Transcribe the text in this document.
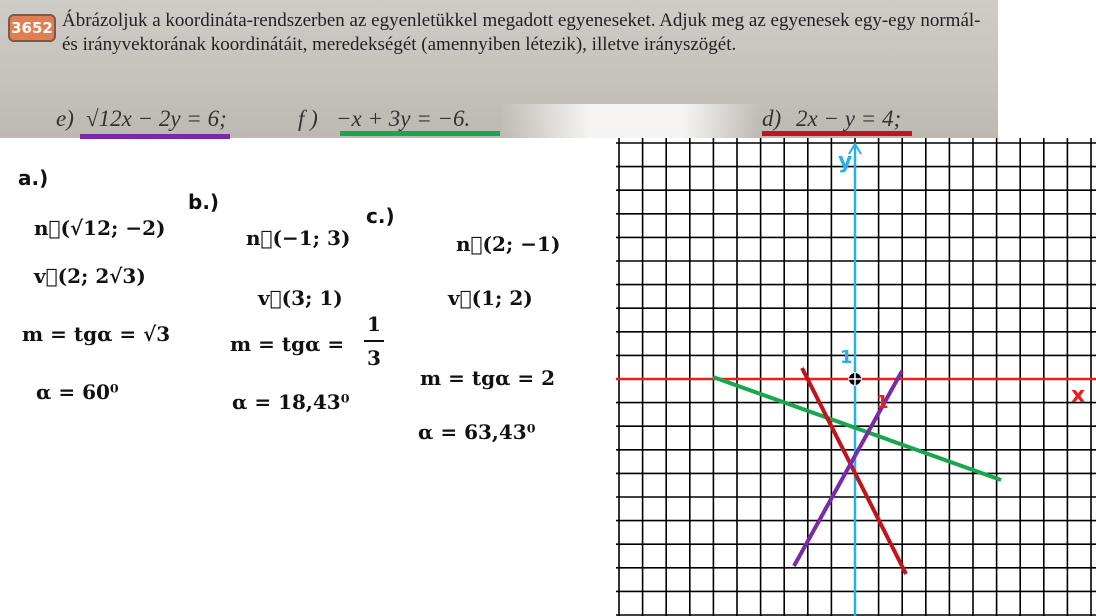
3652 Ábrázoljuk a koordináta-rendszerben az egyenletükkel megadott egyeneseket. Adjuk meg az egyenesek egy-egy normál- és irányvektorának koordinátáit, meredekségét (amennyiben létezik), illetve irányszögét.

e) √12x − 2y = 6;	f ) −x + 3y = −6.	d) 2x − y = 4;
a.)
n⃗(√12; −2)
v⃗(2; 2√3)
m = tgα = √3
α = 60⁰
b.)
n⃗(−1; 3)
v⃗(3; 1)
m = tgα =
1
3
α = 18,43⁰
c.)
n⃗(2; −1)
v⃗(1; 2)
m = tgα = 2
α = 63,43⁰
y
x
1
1
